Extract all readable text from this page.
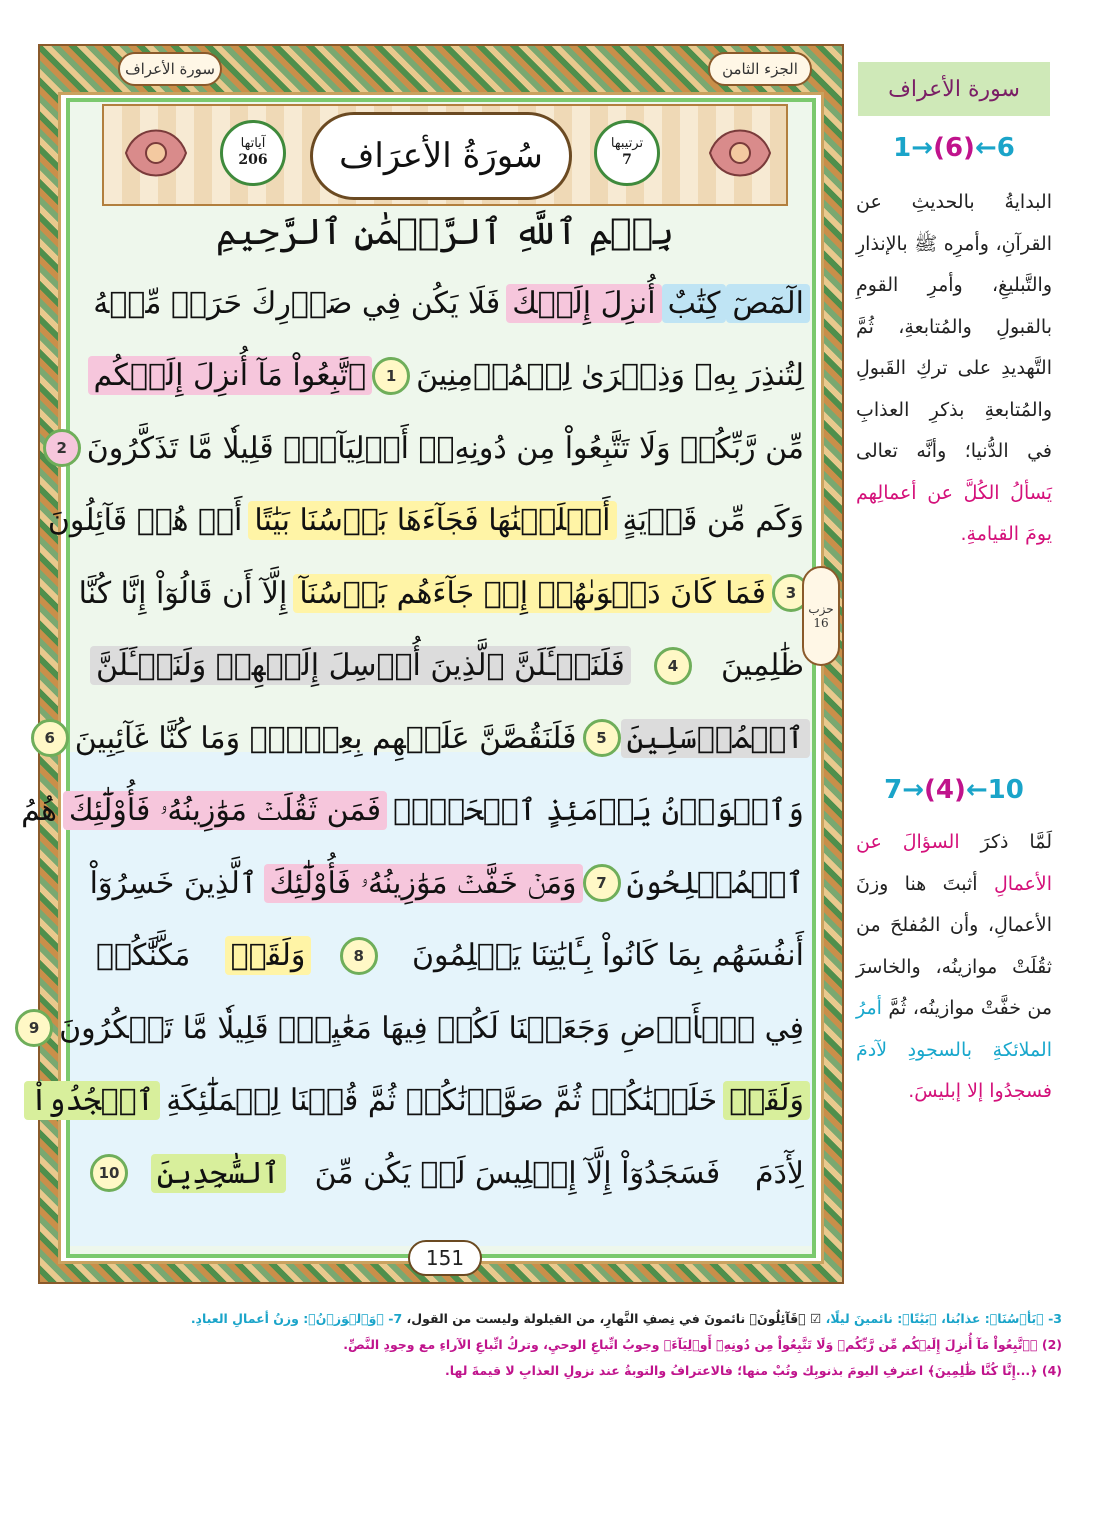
الجزء الثامن
سورة الأعراف
ترتيبها
7
سُورَةُ الأعرَاف
آياتها
206
بِسۡمِ ٱللَّهِ ٱلرَّحۡمَٰنِ ٱلرَّحِيمِ
الٓمٓصٓ
كِتَٰبٌ
أُنزِلَ إِلَيۡكَ
فَلَا يَكُن فِي صَدۡرِكَ حَرَجٞ مِّنۡهُ
لِتُنذِرَ بِهِۦ وَذِكۡرَىٰ لِلۡمُؤۡمِنِينَ
1
ٱتَّبِعُواْ مَآ أُنزِلَ إِلَيۡكُم
مِّن رَّبِّكُمۡ وَلَا تَتَّبِعُواْ مِن دُونِهِۦٓ أَوۡلِيَآءَۗ قَلِيلٗا مَّا تَذَكَّرُونَ
2
وَكَم مِّن قَرۡيَةٍ
أَهۡلَكۡنَٰهَا فَجَآءَهَا بَأۡسُنَا بَيَٰتًا
أَوۡ هُمۡ قَآئِلُونَ
3
فَمَا كَانَ دَعۡوَىٰهُمۡ إِذۡ جَآءَهُم بَأۡسُنَآ
إِلَّآ أَن قَالُوٓاْ إِنَّا كُنَّا
ظَٰلِمِينَ
4
فَلَنَسۡـَٔلَنَّ ٱلَّذِينَ أُرۡسِلَ إِلَيۡهِمۡ وَلَنَسۡـَٔلَنَّ
ٱلۡمُرۡسَلِينَ
5
فَلَنَقُصَّنَّ عَلَيۡهِم بِعِلۡمٖۖ وَمَا كُنَّا غَآئِبِينَ
6
وَٱلۡوَزۡنُ يَوۡمَئِذٍ ٱلۡحَقُّۚ
فَمَن ثَقُلَتۡ مَوَٰزِينُهُۥ فَأُوْلَٰٓئِكَ
هُمُ
ٱلۡمُفۡلِحُونَ
7
وَمَنۡ خَفَّتۡ مَوَٰزِينُهُۥ فَأُوْلَٰٓئِكَ
ٱلَّذِينَ خَسِرُوٓاْ
أَنفُسَهُم بِمَا كَانُواْ بِـَٔايَٰتِنَا يَظۡلِمُونَ
8
وَلَقَدۡ
مَكَّنَّٰكُمۡ
فِي ٱلۡأَرۡضِ وَجَعَلۡنَا لَكُمۡ فِيهَا مَعَٰيِشَۗ قَلِيلٗا مَّا تَشۡكُرُونَ
9
وَلَقَدۡ
خَلَقۡنَٰكُمۡ ثُمَّ صَوَّرۡنَٰكُمۡ ثُمَّ قُلۡنَا لِلۡمَلَٰٓئِكَةِ
ٱسۡجُدُواْ
لِأٓدَمَ
فَسَجَدُوٓاْ إِلَّآ إِبۡلِيسَ لَمۡ يَكُن مِّنَ
ٱلسَّٰجِدِينَ
10
حزب
16
151
سورة الأعراف
1 → (6) ← 6
البدايةُ بالحديثِ عن القرآنِ، وأمرِه ﷺ بالإنذارِ والتَّبليغِ، وأمرِ القومِ بالقبولِ والمُتابعةِ، ثُمَّ التَّهديدِ على تركِ القَبولِ والمُتابعةِ بذكرِ العذابِ في الدُّنيا؛ وأنَّه تعالى يَسألُ الكُلَّ عن أعمالِهم يومَ القيامةِ.
7 → (4) ← 10
لَمَّا ذكرَ السؤالَ عن الأعمالِ أثبتَ هنا وزنَ الأعمالِ، وأن المُفلحَ من ثقُلَتْ موازينُه، والخاسرَ من خفَّتْ موازينُه، ثُمَّ أمرُ الملائكةِ بالسجودِ لآدمَ فسجدُوا إلا إبليسَ.
3- ﴿بَأۡسُنَا﴾: عذابُنا، ﴿بَيَٰتًا﴾: نائمينَ ليلًا، ☑ ﴿قَآئِلُونَ﴾ نائمونَ في نِصفِ النَّهارِ، من القيلولة وليست من القول، 7- ﴿وَٱلۡوَزۡنُ﴾: وزنُ أعمالِ العبادِ.
(2) ﴿ٱتَّبِعُواْ مَآ أُنزِلَ إِلَيۡكُم مِّن رَّبِّكُمۡ وَلَا تَتَّبِعُواْ مِن دُونِهِۦٓ أَوۡلِيَآءَ﴾ وجوبُ اتِّباعِ الوحيِ، وتركُ اتِّباعِ الآراءِ مع وجودِ النَّصِّ.
(4) ﴿...إِنَّا كُنَّا ظَٰلِمِينَ﴾ اعترفِ اليومَ بذنوبِك وتُبْ منها؛ فالاعترافُ والتوبةُ عند نزولِ العذابِ لا قيمةَ لها.
